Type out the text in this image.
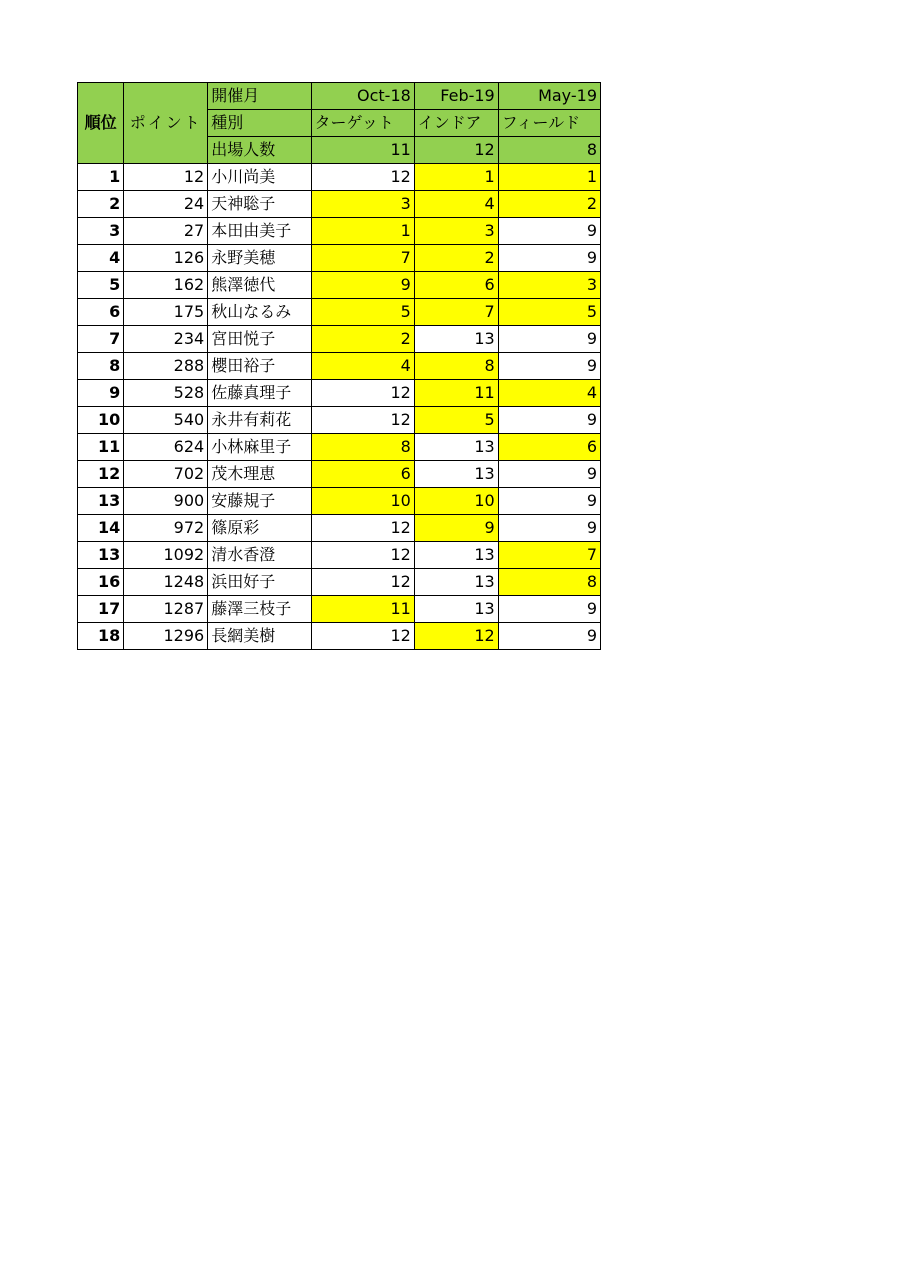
順位	ポイント	開催月	Oct-18	Feb-19	May-19
		種別	ターゲット	インドア	フィールド
		出場人数	11	12	8
1	12	小川尚美	12	1	1
2	24	天神聡子	3	4	2
3	27	本田由美子	1	3	9
4	126	永野美穂	7	2	9
5	162	熊澤徳代	9	6	3
6	175	秋山なるみ	5	7	5
7	234	宮田悦子	2	13	9
8	288	櫻田裕子	4	8	9
9	528	佐藤真理子	12	11	4
10	540	永井有莉花	12	5	9
11	624	小林麻里子	8	13	6
12	702	茂木理恵	6	13	9
13	900	安藤規子	10	10	9
14	972	篠原彩	12	9	9
13	1092	清水香澄	12	13	7
16	1248	浜田好子	12	13	8
17	1287	藤澤三枝子	11	13	9
18	1296	長網美樹	12	12	9
